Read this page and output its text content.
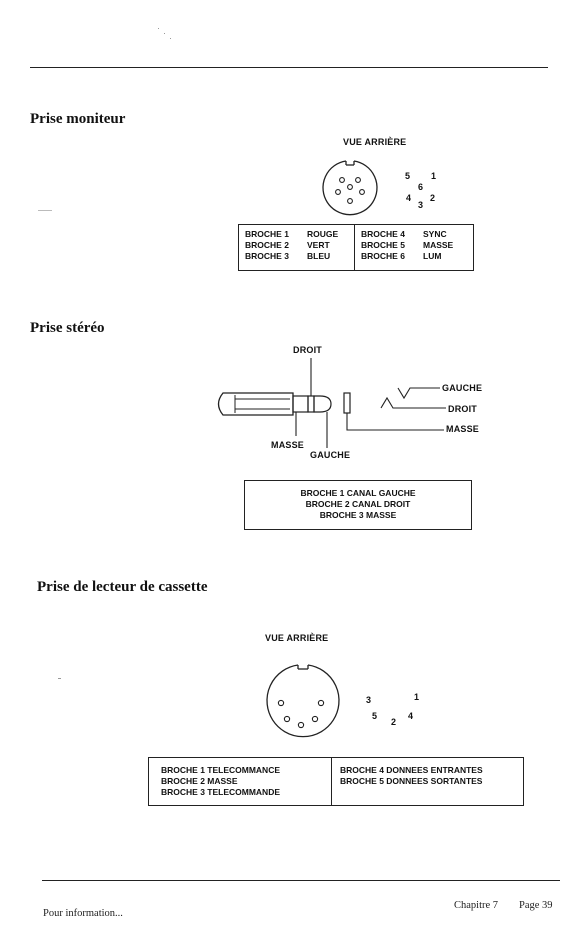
Prise moniteur
VUE ARRIÈRE
5 1
6
4 2
3
BROCHE 1	ROUGE
BROCHE 2	VERT
BROCHE 3	BLEU
BROCHE 4	SYNC
BROCHE 5	MASSE
BROCHE 6	LUM
Prise stéréo
DROIT
MASSE
GAUCHE
GAUCHE
DROIT
MASSE
BROCHE 1 CANAL GAUCHE
BROCHE 2 CANAL DROIT
BROCHE 3 MASSE
Prise de lecteur de cassette
VUE ARRIÈRE
3	1
5
2
4
BROCHE 1 TELECOMMANCE
BROCHE 2 MASSE
BROCHE 3 TELECOMMANDE
BROCHE 4 DONNEES ENTRANTES
BROCHE 5 DONNEES SORTANTES
Pour information...
Chapitre 7 Page 39
